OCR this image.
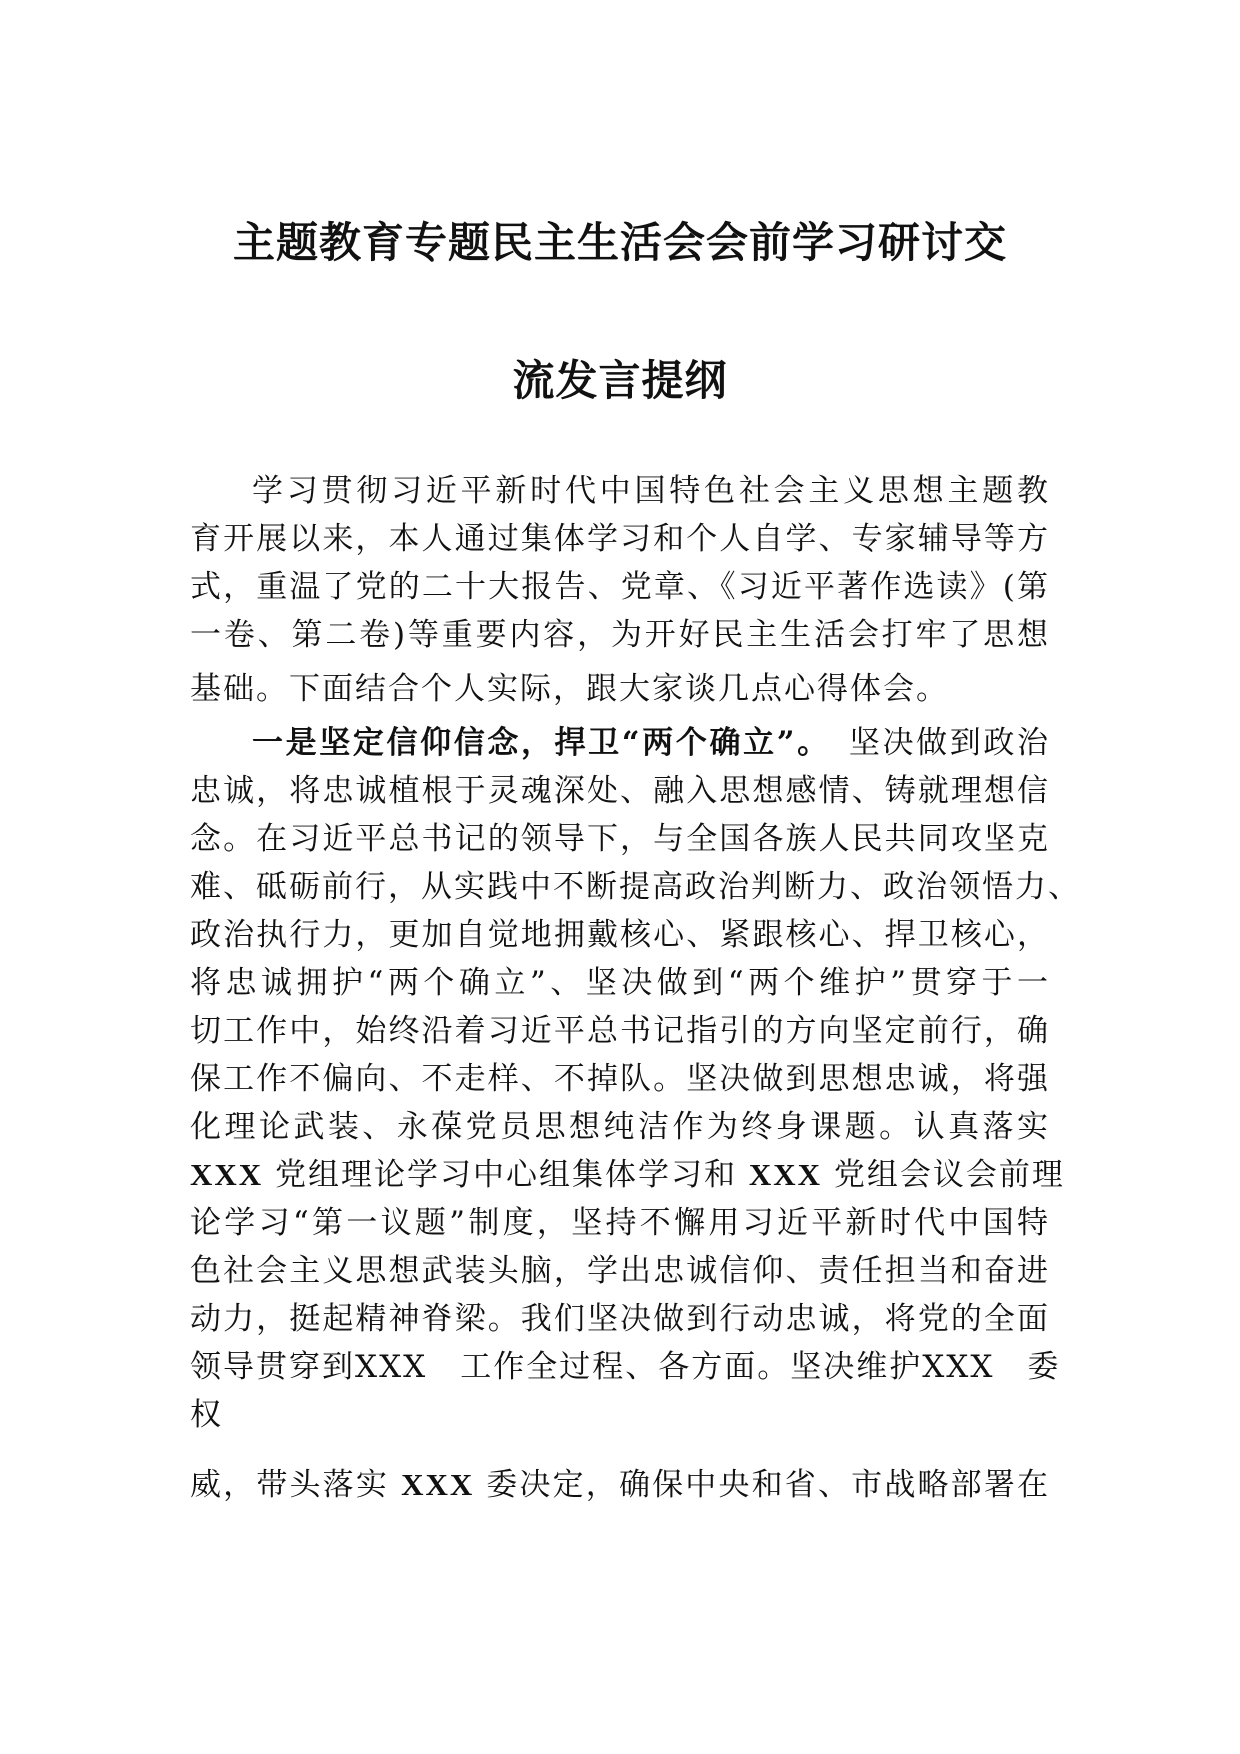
主题教育专题民主生活会会前学习研讨交
流发言提纲
学习贯彻习近平新时代中国特色社会主义思想主题教
育开展以来，本人通过集体学习和个人自学、专家辅导等方
式，重温了党的二十大报告、党章、《习近平著作选读》(第
一卷、第二卷)等重要内容，为开好民主生活会打牢了思想
基础。下面结合个人实际，跟大家谈几点心得体会。
一是坚定信仰信念，捍卫“两个确立”。　 坚决做到政治
忠诚，将忠诚植根于灵魂深处、融入思想感情、铸就理想信
念。在习近平总书记的领导下，与全国各族人民共同攻坚克
难、砥砺前行，从实践中不断提高政治判断力、政治领悟力、
政治执行力，更加自觉地拥戴核心、紧跟核心、捍卫核心，
将忠诚拥护“两个确立”、坚决做到“两个维护”贯穿于一
切工作中，始终沿着习近平总书记指引的方向坚定前行，确
保工作不偏向、不走样、不掉队。坚决做到思想忠诚，将强
化理论武装、永葆党员思想纯洁作为终身课题。认真落实
XXX 党组理论学习中心组集体学习和 XXX 党组会议会前理
论学习“第一议题”制度，坚持不懈用习近平新时代中国特
色社会主义思想武装头脑，学出忠诚信仰、责任担当和奋进
动力，挺起精神脊梁。我们坚决做到行动忠诚，将党的全面
领导贯穿到XXX　工作全过程、各方面。坚决维护XXX　委
权
威，带头落实 XXX 委决定，确保中央和省、市战略部署在
